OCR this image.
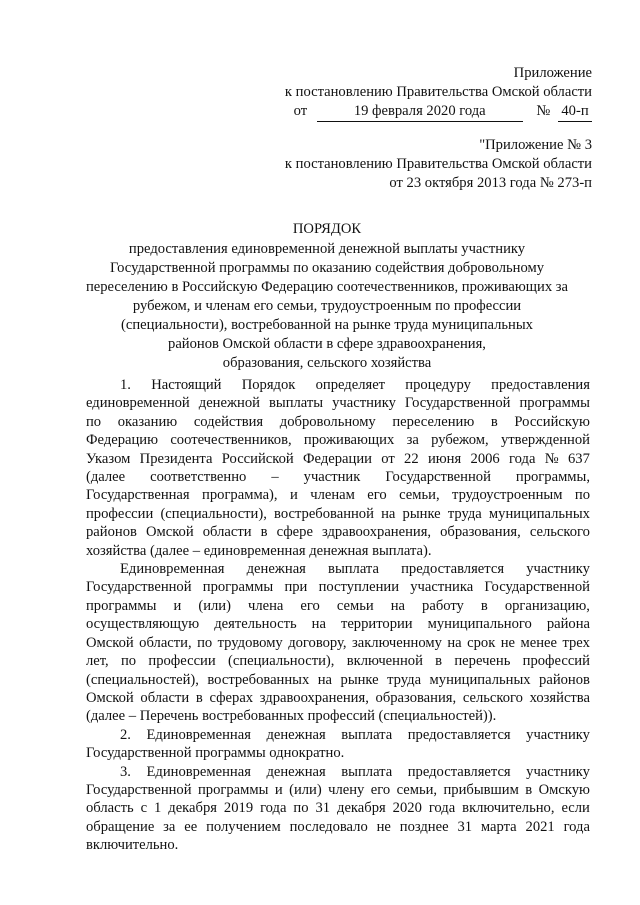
Приложение
к постановлению Правительства Омской области
от	19 февраля 2020 года	№ 40-п
"Приложение № 3
к постановлению Правительства Омской области
от 23 октября 2013 года № 273-п
ПОРЯДОК
предоставления единовременной денежной выплаты участнику
Государственной программы по оказанию содействия добровольному
переселению в Российскую Федерацию соотечественников, проживающих за
рубежом, и членам его семьи, трудоустроенным по профессии
(специальности), востребованной на рынке труда муниципальных
районов Омской области в сфере здравоохранения,
образования, сельского хозяйства
1. Настоящий Порядок определяет процедуру предоставления
единовременной денежной выплаты участнику Государственной программы
по оказанию содействия добровольному переселению в Российскую
Федерацию соотечественников, проживающих за рубежом, утвержденной
Указом Президента Российской Федерации от 22 июня 2006 года № 637
(далее соответственно – участник Государственной программы,
Государственная программа), и членам его семьи, трудоустроенным по
профессии (специальности), востребованной на рынке труда муниципальных
районов Омской области в сфере здравоохранения, образования, сельского
хозяйства (далее – единовременная денежная выплата).
Единовременная денежная выплата предоставляется участнику
Государственной программы при поступлении участника Государственной
программы и (или) члена его семьи на работу в организацию,
осуществляющую деятельность на территории муниципального района
Омской области, по трудовому договору, заключенному на срок не менее трех
лет, по профессии (специальности), включенной в перечень профессий
(специальностей), востребованных на рынке труда муниципальных районов
Омской области в сферах здравоохранения, образования, сельского хозяйства
(далее – Перечень востребованных профессий (специальностей)).
2. Единовременная денежная выплата предоставляется участнику
Государственной программы однократно.
3. Единовременная денежная выплата предоставляется участнику
Государственной программы и (или) члену его семьи, прибывшим в Омскую
область с 1 декабря 2019 года по 31 декабря 2020 года включительно, если
обращение за ее получением последовало не позднее 31 марта 2021 года
включительно.
